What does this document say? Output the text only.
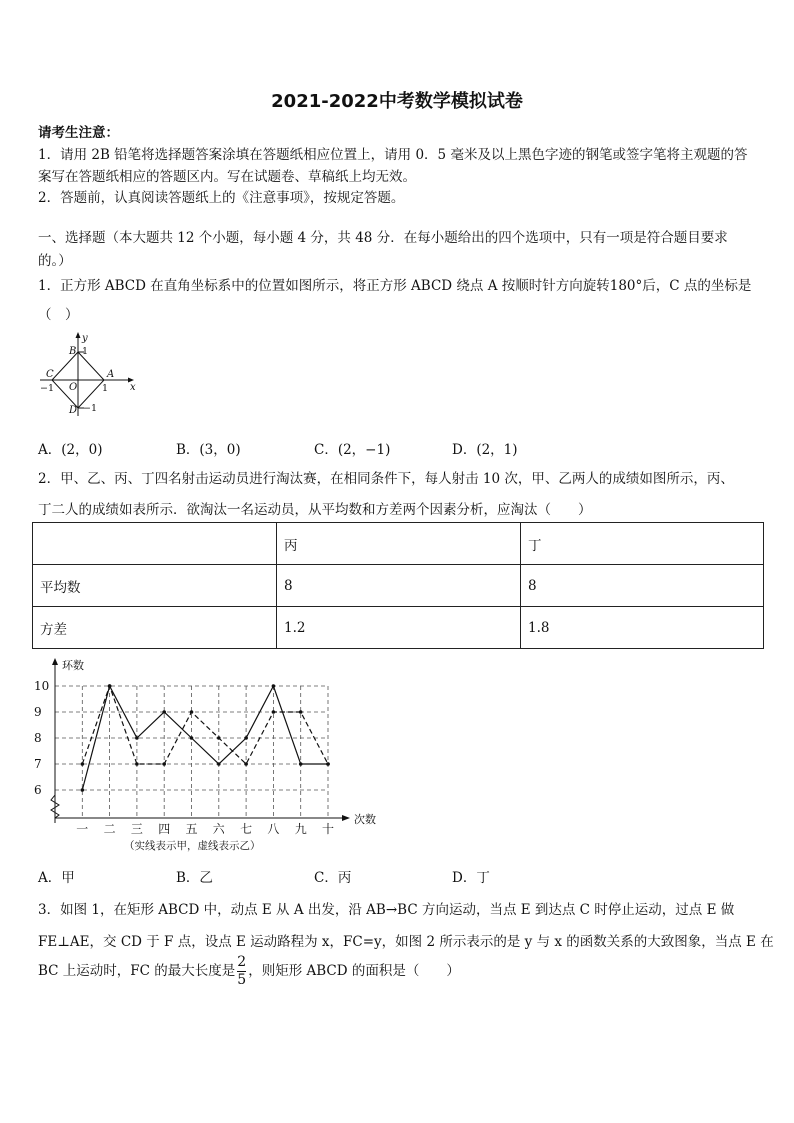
2021-2022中考数学模拟试卷
请考生注意：
1．请用 2B 铅笔将选择题答案涂填在答题纸相应位置上，请用 0．5 毫米及以上黑色字迹的钢笔或签字笔将主观题的答
案写在答题纸相应的答题区内。写在试题卷、草稿纸上均无效。
2．答题前，认真阅读答题纸上的《注意事项》，按规定答题。
一、选择题（本大题共 12 个小题，每小题 4 分，共 48 分．在每小题给出的四个选项中，只有一项是符合题目要求
的。）
1．正方形 ABCD 在直角坐标系中的位置如图所示，将正方形 ABCD 绕点 A 按顺时针方向旋转180°后，C 点的坐标是
（　）
y
x
B
A
C
D
O
1
1
−1
−1
A．(2，0)	B．(3，0)	C．(2，−1)	D．(2，1)
2．甲、乙、丙、丁四名射击运动员进行淘汰赛，在相同条件下，每人射击 10 次，甲、乙两人的成绩如图所示，丙、
丁二人的成绩如表所示．欲淘汰一名运动员，从平均数和方差两个因素分析，应淘汰（　　）
	丙	丁
平均数	8	8
方差	1.2	1.8
6
7
8
9
10
一 二 三 四 五 六 七 八 九 十
环数
次数
（实线表示甲，虚线表示乙）
A．甲	B．乙	C．丙	D．丁
3．如图 1，在矩形 ABCD 中，动点 E 从 A 出发，沿 AB→BC 方向运动，当点 E 到达点 C 时停止运动，过点 E 做
FE⊥AE，交 CD 于 F 点，设点 E 运动路程为 x，FC=y，如图 2 所示表示的是 y 与 x 的函数关系的大致图象，当点 E 在
BC 上运动时，FC 的最大长度是 $\frac{2}{5}$ ，则矩形 ABCD 的面积是（　　）
